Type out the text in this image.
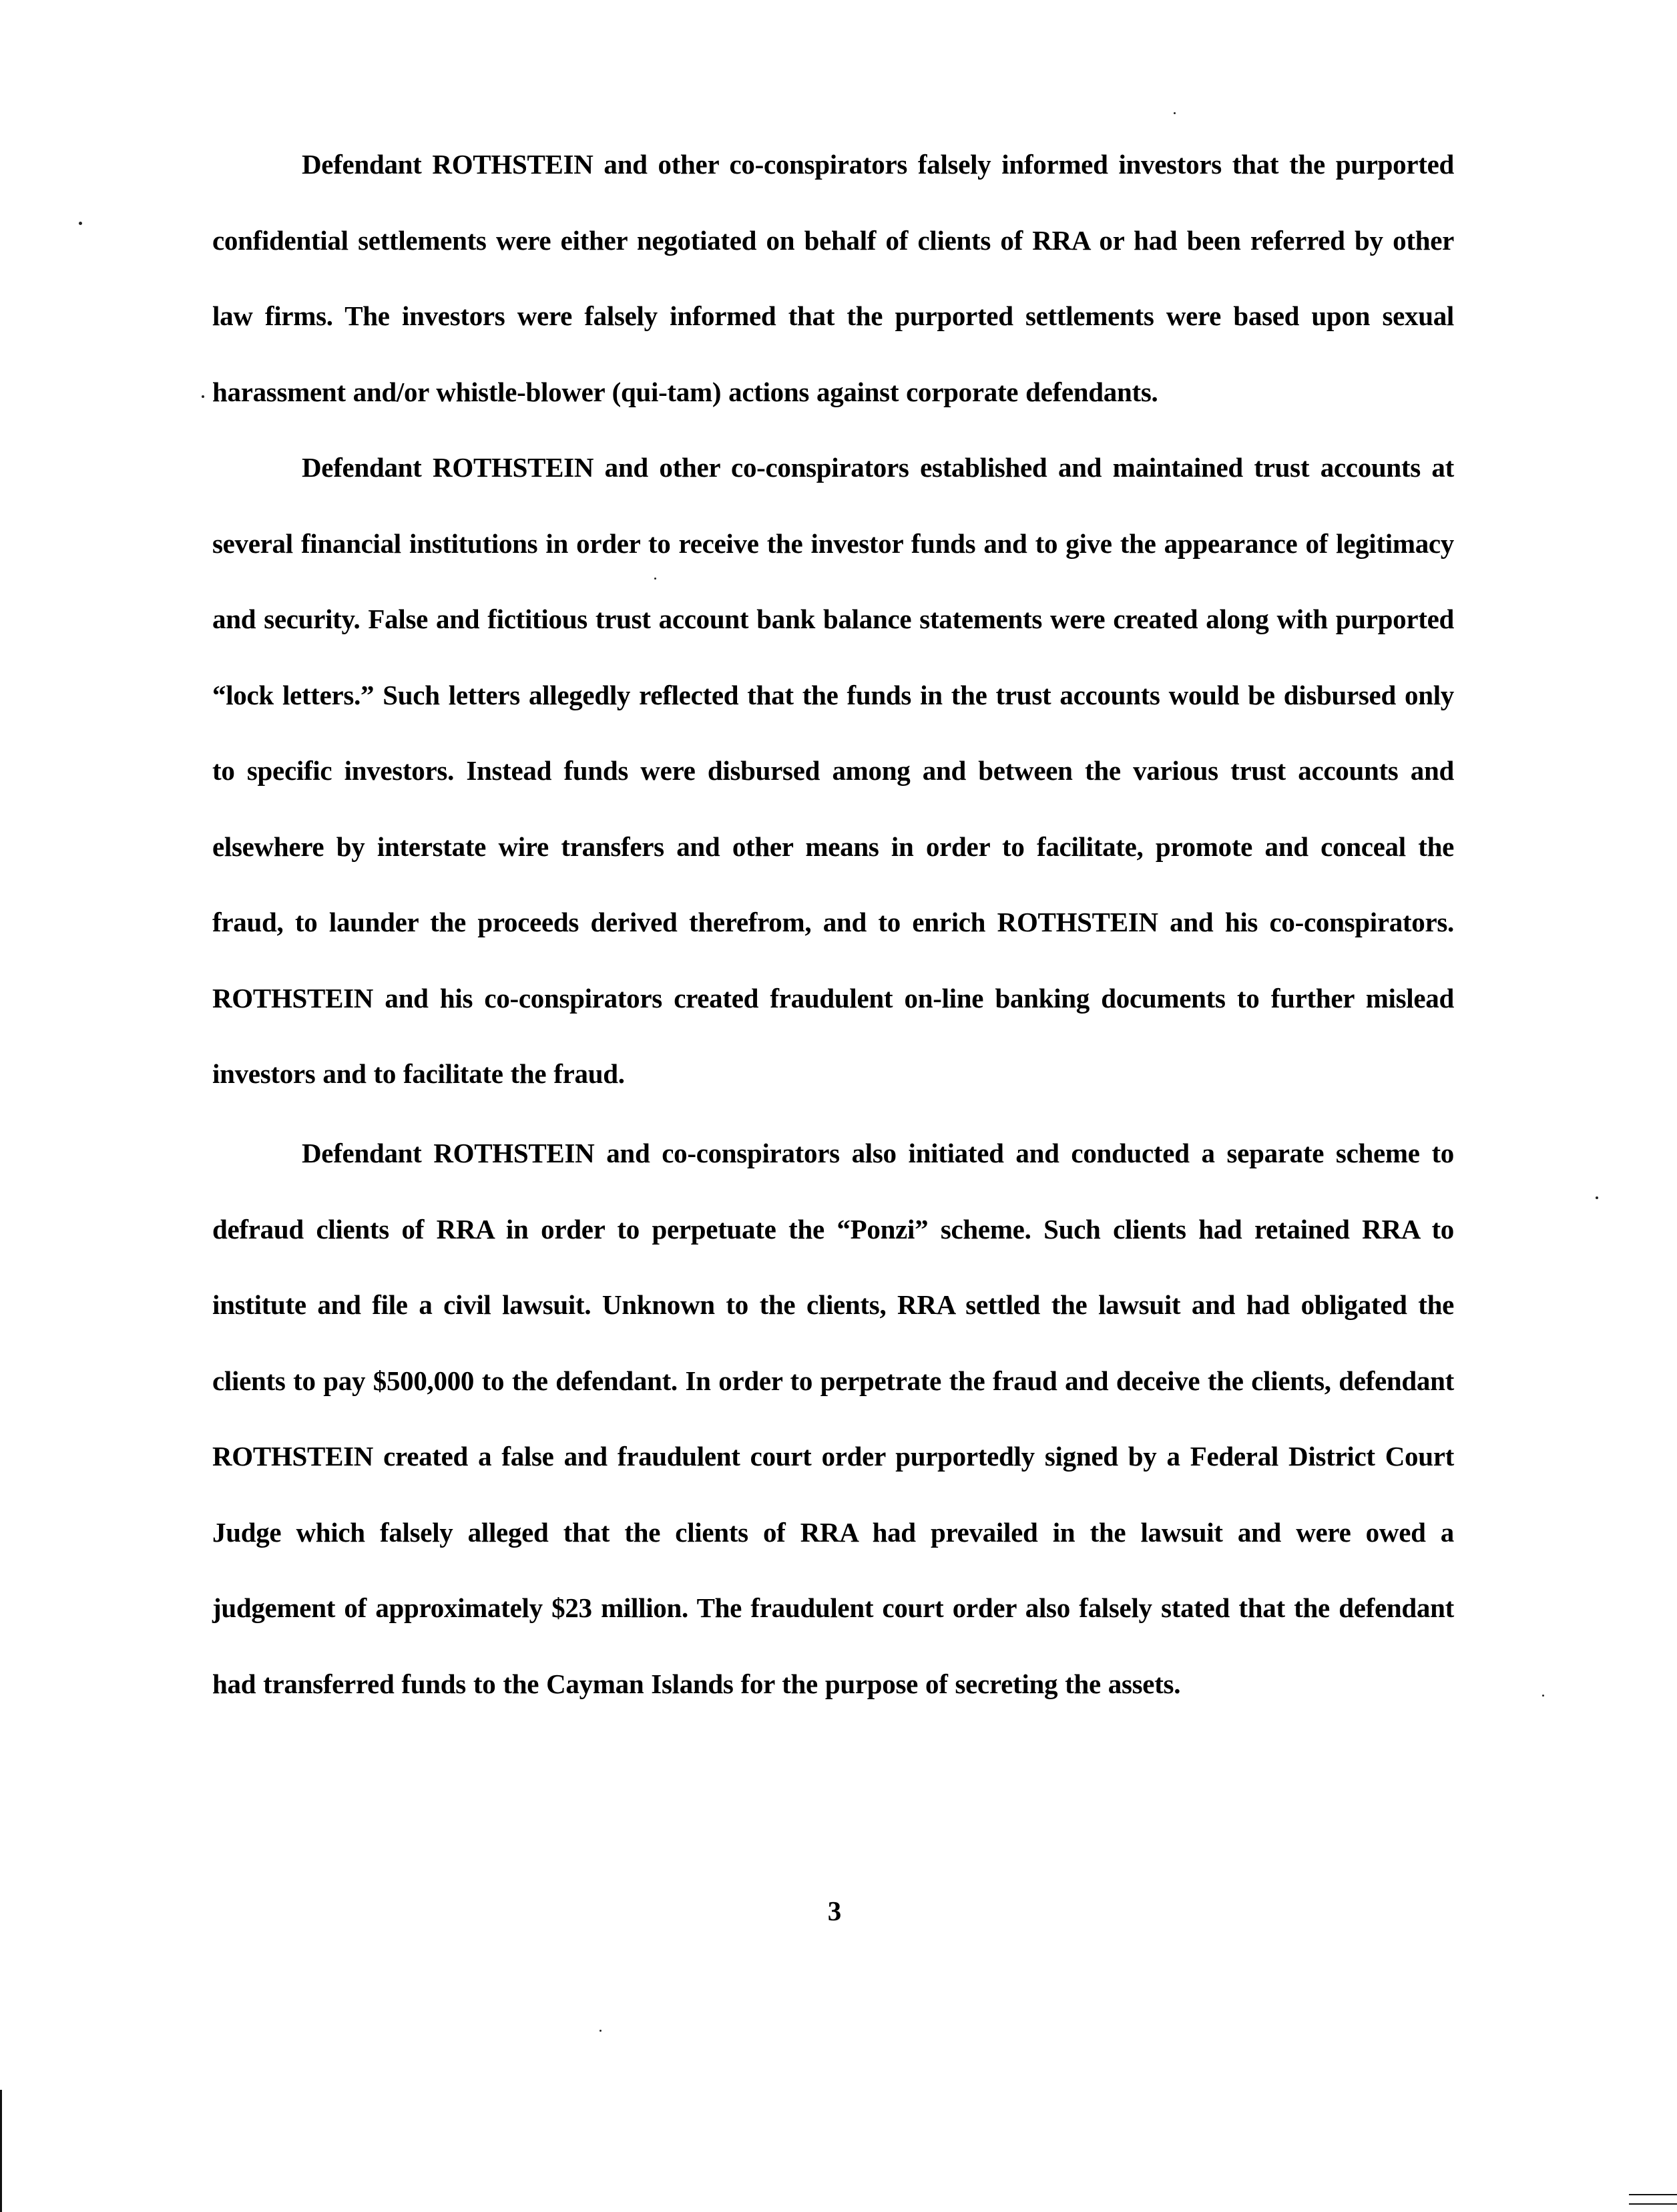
Defendant ROTHSTEIN and other co-conspirators falsely informed investors that the purported confidential settlements were either negotiated on behalf of clients of RRA or had been referred by other law firms. The investors were falsely informed that the purported settlements were based upon sexual harassment and/or whistle-blower (qui-tam) actions against corporate defendants.

Defendant ROTHSTEIN and other co-conspirators established and maintained trust accounts at several financial institutions in order to receive the investor funds and to give the appearance of legitimacy and security. False and fictitious trust account bank balance statements were created along with purported “lock letters.” Such letters allegedly reflected that the funds in the trust accounts would be disbursed only to specific investors. Instead funds were disbursed among and between the various trust accounts and elsewhere by interstate wire transfers and other means in order to facilitate, promote and conceal the fraud, to launder the proceeds derived therefrom, and to enrich ROTHSTEIN and his co-conspirators. ROTHSTEIN and his co-conspirators created fraudulent on-line banking documents to further mislead investors and to facilitate the fraud.

Defendant ROTHSTEIN and co-conspirators also initiated and conducted a separate scheme to defraud clients of RRA in order to perpetuate the “Ponzi” scheme. Such clients had retained RRA to institute and file a civil lawsuit. Unknown to the clients, RRA settled the lawsuit and had obligated the clients to pay $500,000 to the defendant. In order to perpetrate the fraud and deceive the clients, defendant ROTHSTEIN created a false and fraudulent court order purportedly signed by a Federal District Court Judge which falsely alleged that the clients of RRA had prevailed in the lawsuit and were owed a judgement of approximately $23 million. The fraudulent court order also falsely stated that the defendant had transferred funds to the Cayman Islands for the purpose of secreting the assets.

3
